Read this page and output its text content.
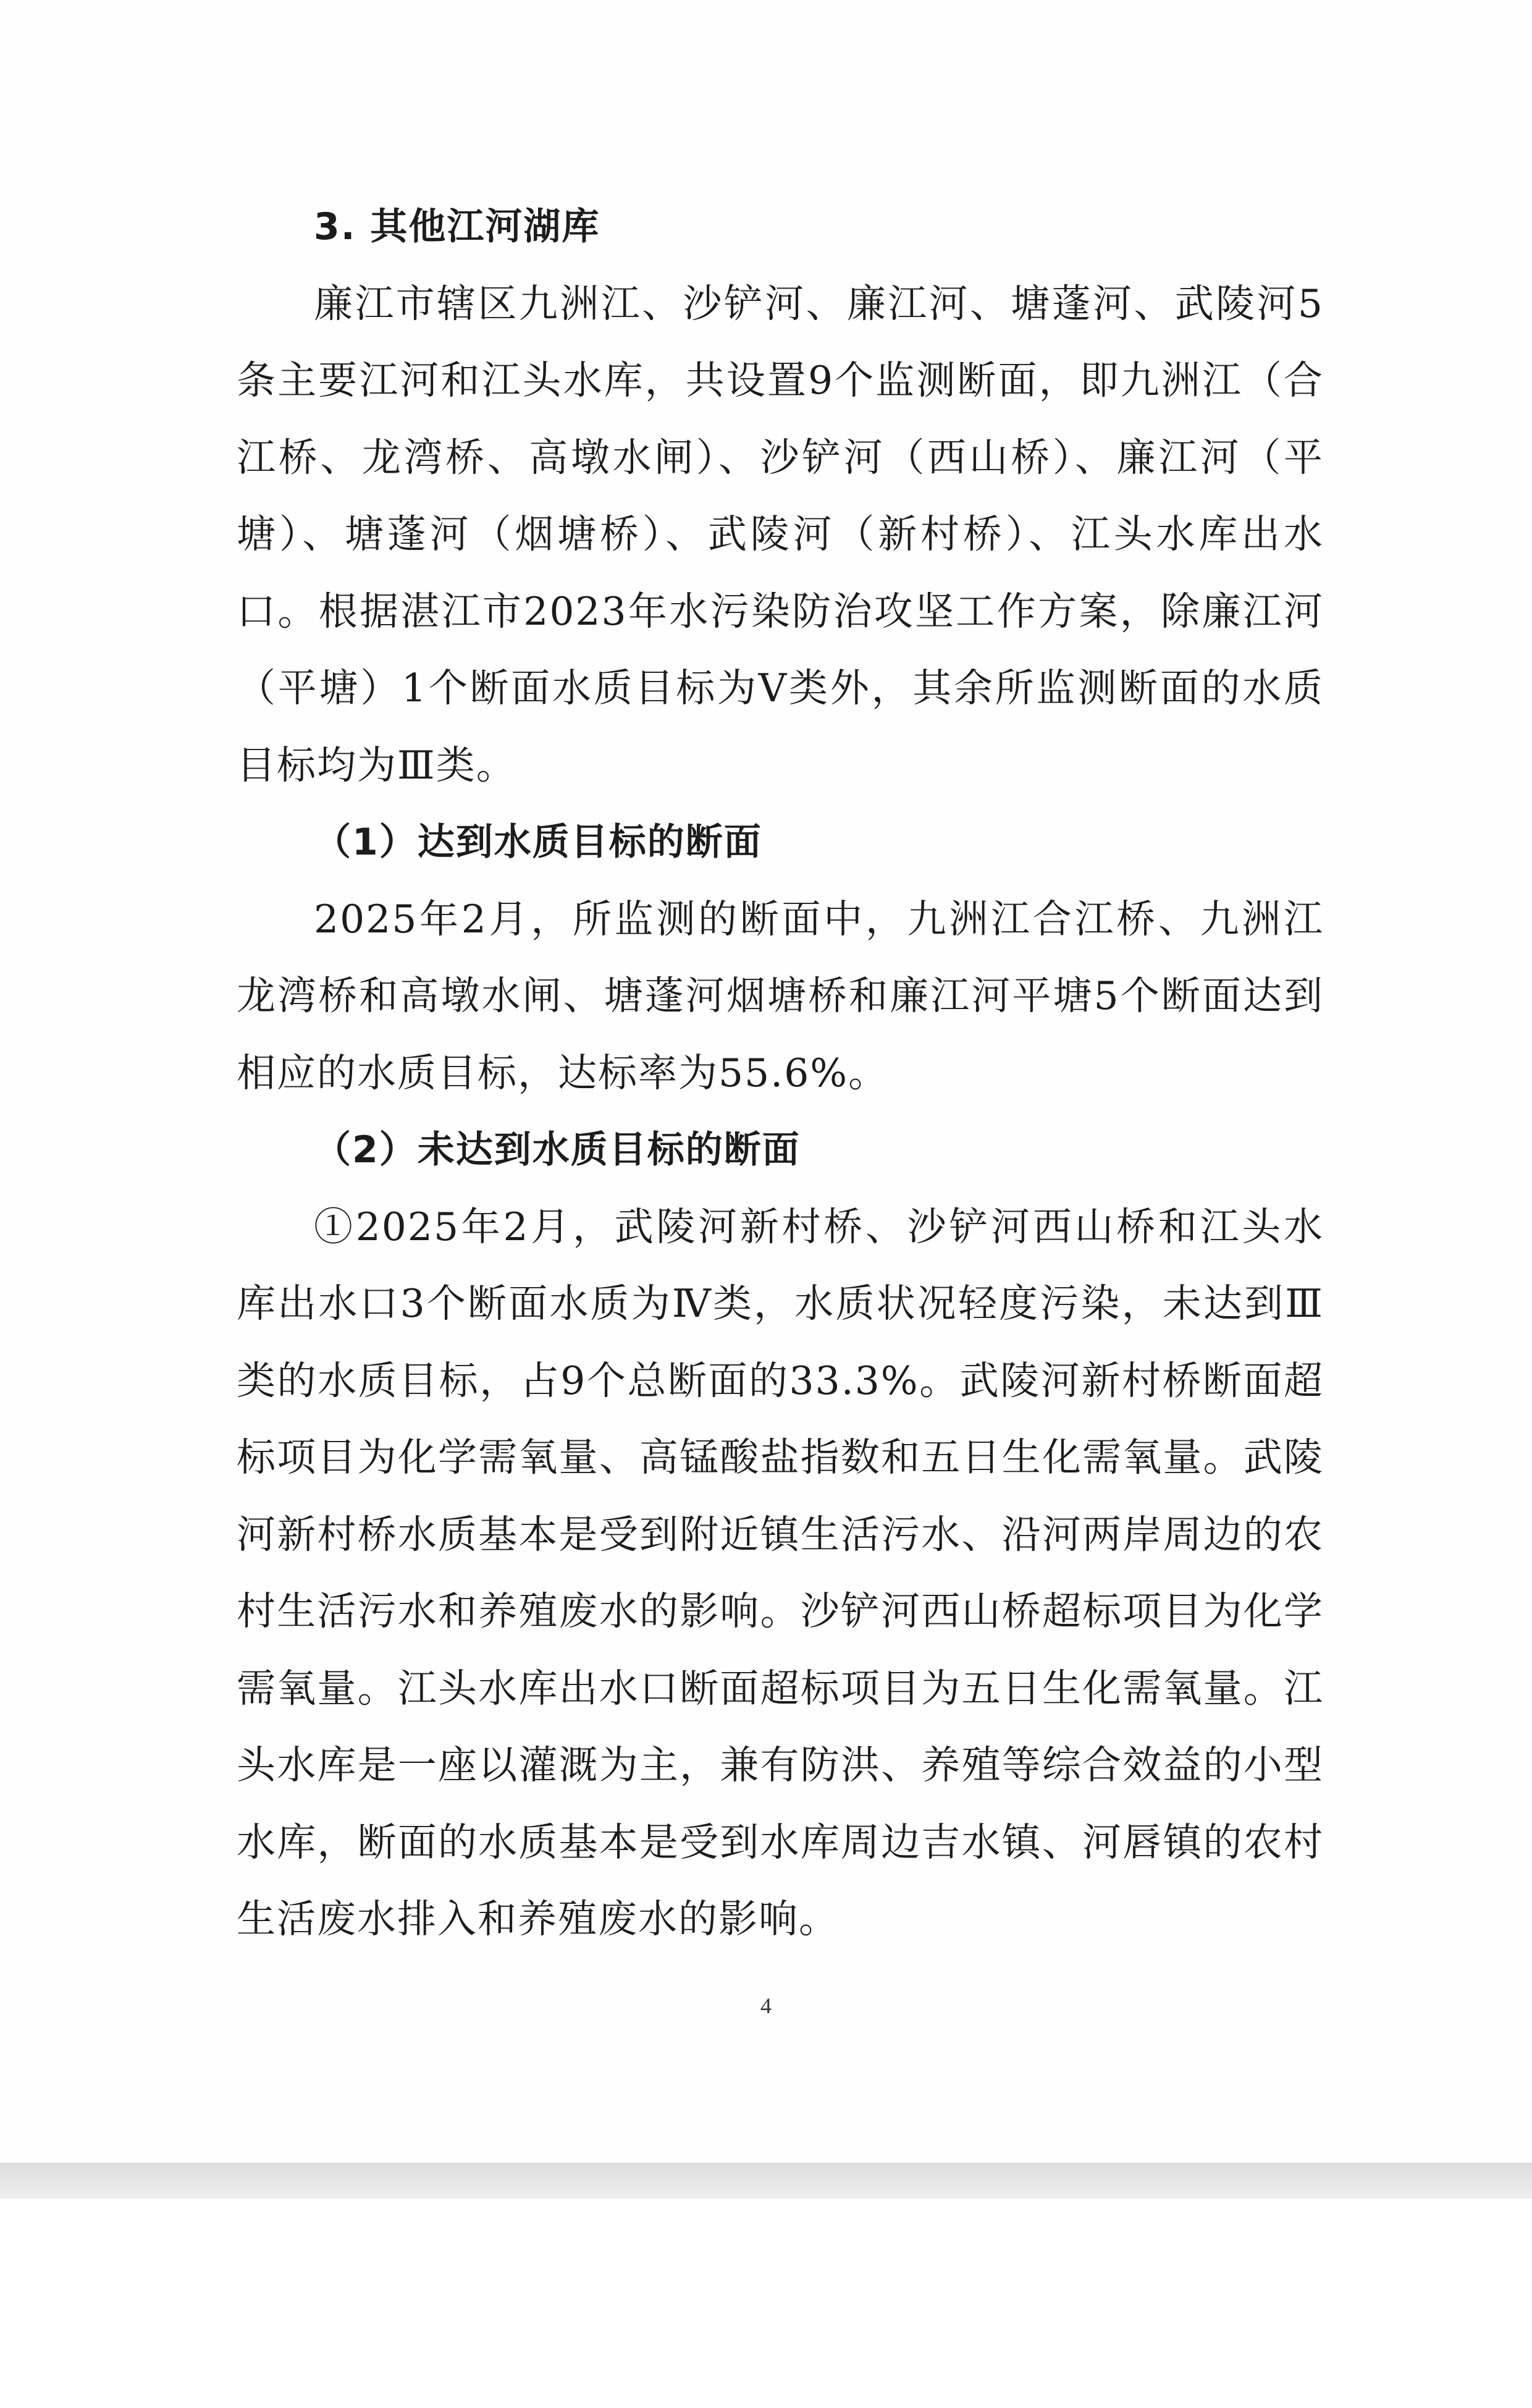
3. 其他江河湖库

廉江市辖区九洲江、沙铲河、廉江河、塘蓬河、武陵河5条主要江河和江头水库，共设置9个监测断面，即九洲江（合江桥、龙湾桥、高墩水闸）、沙铲河（西山桥）、廉江河（平塘）、塘蓬河（烟塘桥）、武陵河（新村桥）、江头水库出水口。根据湛江市2023年水污染防治攻坚工作方案，除廉江河（平塘）1个断面水质目标为Ⅴ类外，其余所监测断面的水质目标均为Ⅲ类。

（1）达到水质目标的断面

2025年2月，所监测的断面中，九洲江合江桥、九洲江龙湾桥和高墩水闸、塘蓬河烟塘桥和廉江河平塘5个断面达到相应的水质目标，达标率为55.6%。

（2）未达到水质目标的断面

①2025年2月，武陵河新村桥、沙铲河西山桥和江头水库出水口3个断面水质为Ⅳ类，水质状况轻度污染，未达到Ⅲ类的水质目标，占9个总断面的33.3%。武陵河新村桥断面超标项目为化学需氧量、高锰酸盐指数和五日生化需氧量。武陵河新村桥水质基本是受到附近镇生活污水、沿河两岸周边的农村生活污水和养殖废水的影响。沙铲河西山桥超标项目为化学需氧量。江头水库出水口断面超标项目为五日生化需氧量。江头水库是一座以灌溉为主，兼有防洪、养殖等综合效益的小型水库，断面的水质基本是受到水库周边吉水镇、河唇镇的农村生活废水排入和养殖废水的影响。

4
